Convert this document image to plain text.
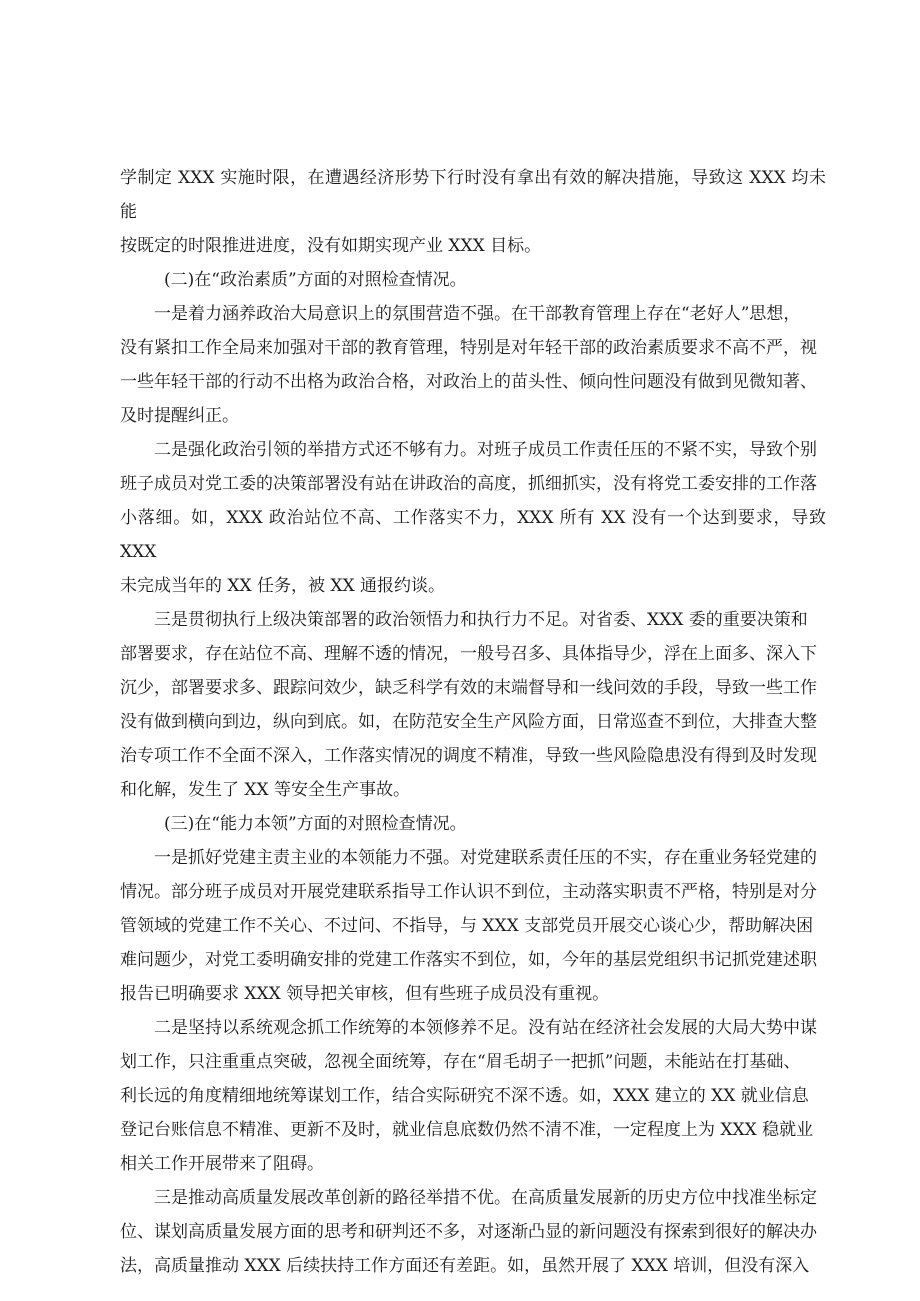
学制定 XXX 实施时限，在遭遇经济形势下行时没有拿出有效的解决措施，导致这 XXX 均未能
按既定的时限推进进度，没有如期实现产业 XXX 目标。

(二)在“政治素质”方面的对照检查情况。

一是着力涵养政治大局意识上的氛围营造不强。在干部教育管理上存在“老好人”思想，
没有紧扣工作全局来加强对干部的教育管理，特别是对年轻干部的政治素质要求不高不严，视
一些年轻干部的行动不出格为政治合格，对政治上的苗头性、倾向性问题没有做到见微知著、
及时提醒纠正。

二是强化政治引领的举措方式还不够有力。对班子成员工作责任压的不紧不实，导致个别
班子成员对党工委的决策部署没有站在讲政治的高度，抓细抓实，没有将党工委安排的工作落
小落细。如，XXX 政治站位不高、工作落实不力，XXX 所有 XX 没有一个达到要求，导致 XXX
未完成当年的 XX 任务，被 XX 通报约谈。

三是贯彻执行上级决策部署的政治领悟力和执行力不足。对省委、XXX 委的重要决策和
部署要求，存在站位不高、理解不透的情况，一般号召多、具体指导少，浮在上面多、深入下
沉少，部署要求多、跟踪问效少，缺乏科学有效的末端督导和一线问效的手段，导致一些工作
没有做到横向到边，纵向到底。如，在防范安全生产风险方面，日常巡查不到位，大排查大整
治专项工作不全面不深入，工作落实情况的调度不精准，导致一些风险隐患没有得到及时发现
和化解，发生了 XX 等安全生产事故。

(三)在“能力本领”方面的对照检查情况。

一是抓好党建主责主业的本领能力不强。对党建联系责任压的不实，存在重业务轻党建的
情况。部分班子成员对开展党建联系指导工作认识不到位，主动落实职责不严格，特别是对分
管领域的党建工作不关心、不过问、不指导，与 XXX 支部党员开展交心谈心少，帮助解决困
难问题少，对党工委明确安排的党建工作落实不到位，如，今年的基层党组织书记抓党建述职
报告已明确要求 XXX 领导把关审核，但有些班子成员没有重视。

二是坚持以系统观念抓工作统筹的本领修养不足。没有站在经济社会发展的大局大势中谋
划工作，只注重重点突破，忽视全面统筹，存在“眉毛胡子一把抓”问题，未能站在打基础、
利长远的角度精细地统筹谋划工作，结合实际研究不深不透。如，XXX 建立的 XX 就业信息
登记台账信息不精准、更新不及时，就业信息底数仍然不清不准，一定程度上为 XXX 稳就业
相关工作开展带来了阻碍。

三是推动高质量发展改革创新的路径举措不优。在高质量发展新的历史方位中找准坐标定
位、谋划高质量发展方面的思考和研判还不多，对逐渐凸显的新问题没有探索到很好的解决办
法，高质量推动 XXX 后续扶持工作方面还有差距。如，虽然开展了 XXX 培训，但没有深入
